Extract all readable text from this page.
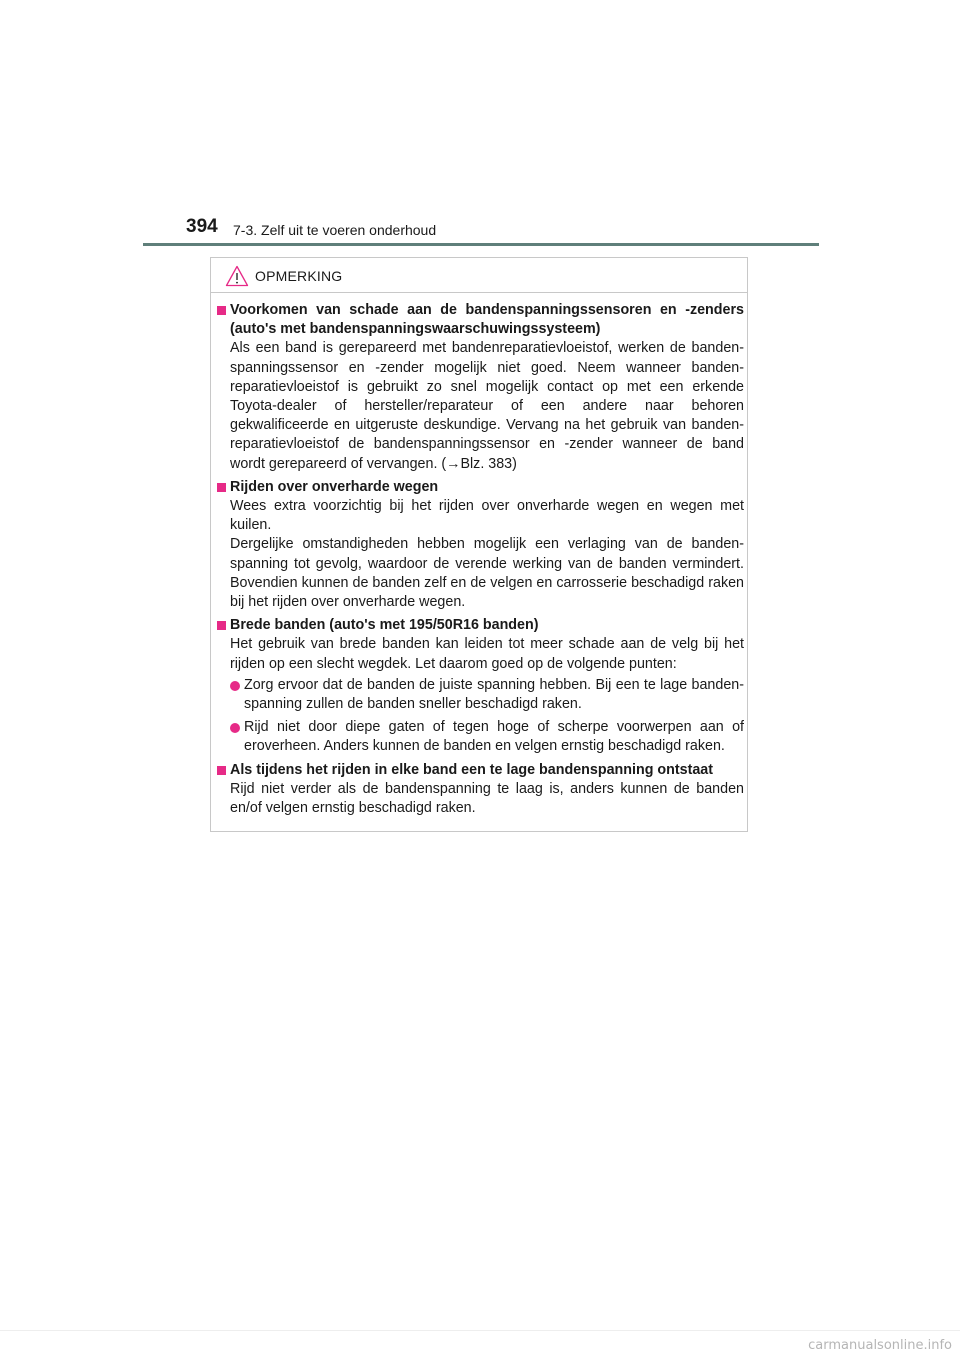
394 7-3. Zelf uit te voeren onderhoud
OPMERKING
Voorkomen van schade aan de bandenspanningssensoren en -zenders (auto's met bandenspanningswaarschuwingssysteem)

Als een band is gerepareerd met bandenreparatievloeistof, werken de bandenspanningssensor en -zender mogelijk niet goed. Neem wanneer bandenreparatievloeistof is gebruikt zo snel mogelijk contact op met een erkende Toyota-dealer of hersteller/reparateur of een andere naar behoren gekwalificeerde en uitgeruste deskundige. Vervang na het gebruik van bandenreparatievloeistof de bandenspanningssensor en -zender wanneer de band wordt gerepareerd of vervangen. (→Blz. 383)

Rijden over onverharde wegen

Wees extra voorzichtig bij het rijden over onverharde wegen en wegen met kuilen.

Dergelijke omstandigheden hebben mogelijk een verlaging van de bandenspanning tot gevolg, waardoor de verende werking van de banden vermindert. Bovendien kunnen de banden zelf en de velgen en carrosserie beschadigd raken bij het rijden over onverharde wegen.

Brede banden (auto's met 195/50R16 banden)

Het gebruik van brede banden kan leiden tot meer schade aan de velg bij het rijden op een slecht wegdek. Let daarom goed op de volgende punten:

Zorg ervoor dat de banden de juiste spanning hebben. Bij een te lage bandenspanning zullen de banden sneller beschadigd raken.
Rijd niet door diepe gaten of tegen hoge of scherpe voorwerpen aan of eroverheen. Anders kunnen de banden en velgen ernstig beschadigd raken.
Als tijdens het rijden in elke band een te lage bandenspanning ontstaat

Rijd niet verder als de bandenspanning te laag is, anders kunnen de banden en/of velgen ernstig beschadigd raken.

carmanualsonline.info
